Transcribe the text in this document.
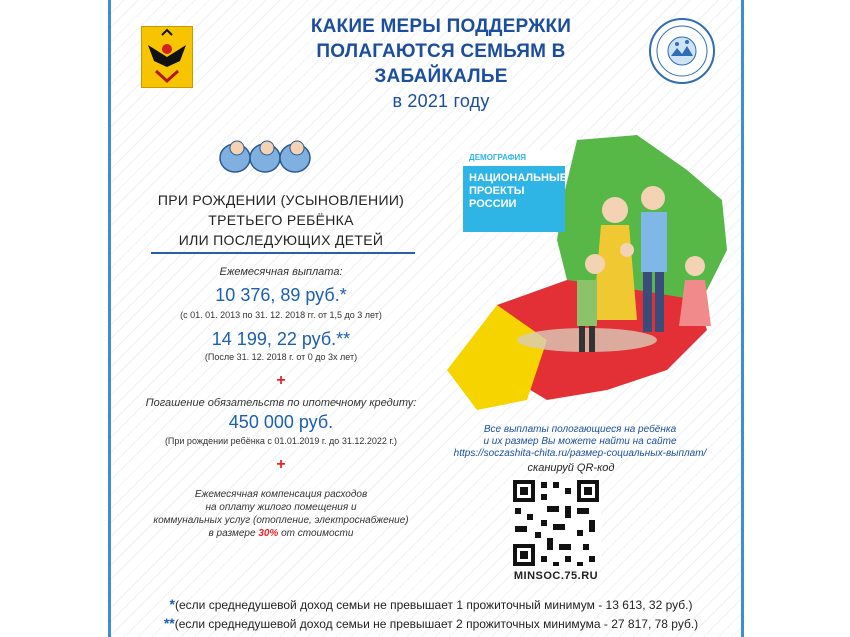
КАКИЕ МЕРЫ ПОДДЕРЖКИ
ПОЛАГАЮТСЯ СЕМЬЯМ В ЗАБАЙКАЛЬЕ
в 2021 году
ПРИ РОЖДЕНИИ (УСЫНОВЛЕНИИ)
ТРЕТЬЕГО РЕБЁНКА
ИЛИ ПОСЛЕДУЮЩИХ ДЕТЕЙ
Ежемесячная выплата:
10 376, 89 руб.*
(с 01. 01. 2013 по 31. 12. 2018 гг. от 1,5 до 3 лет)
14 199, 22 руб.**
(После 31. 12. 2018 г. от 0 до 3х лет)
+
Погашение обязательств по ипотечному кредиту:
450 000 руб.
(При рождении ребёнка с 01.01.2019 г. до 31.12.2022 г.)
+
Ежемесячная компенсация расходов
на оплату жилого помещения и
коммунальных услуг (отопление, электроснабжение)
в размере 30% от стоимости
ДЕМОГРАФИЯ
НАЦИОНАЛЬНЫЕ
ПРОЕКТЫ
РОССИИ
Все выплаты пологающиеся на ребёнка
и их размер Вы можете найти на сайте
https://soczashita-chita.ru/размер-социальных-выплат/
сканируй QR-код
MINSOC.75.RU
*(если среднедушевой доход семьи не превышает 1 прожиточный минимум - 13 613, 32 руб.)
**(если среднедушевой доход семьи не превышает 2 прожиточных минимума - 27 817, 78 руб.)
